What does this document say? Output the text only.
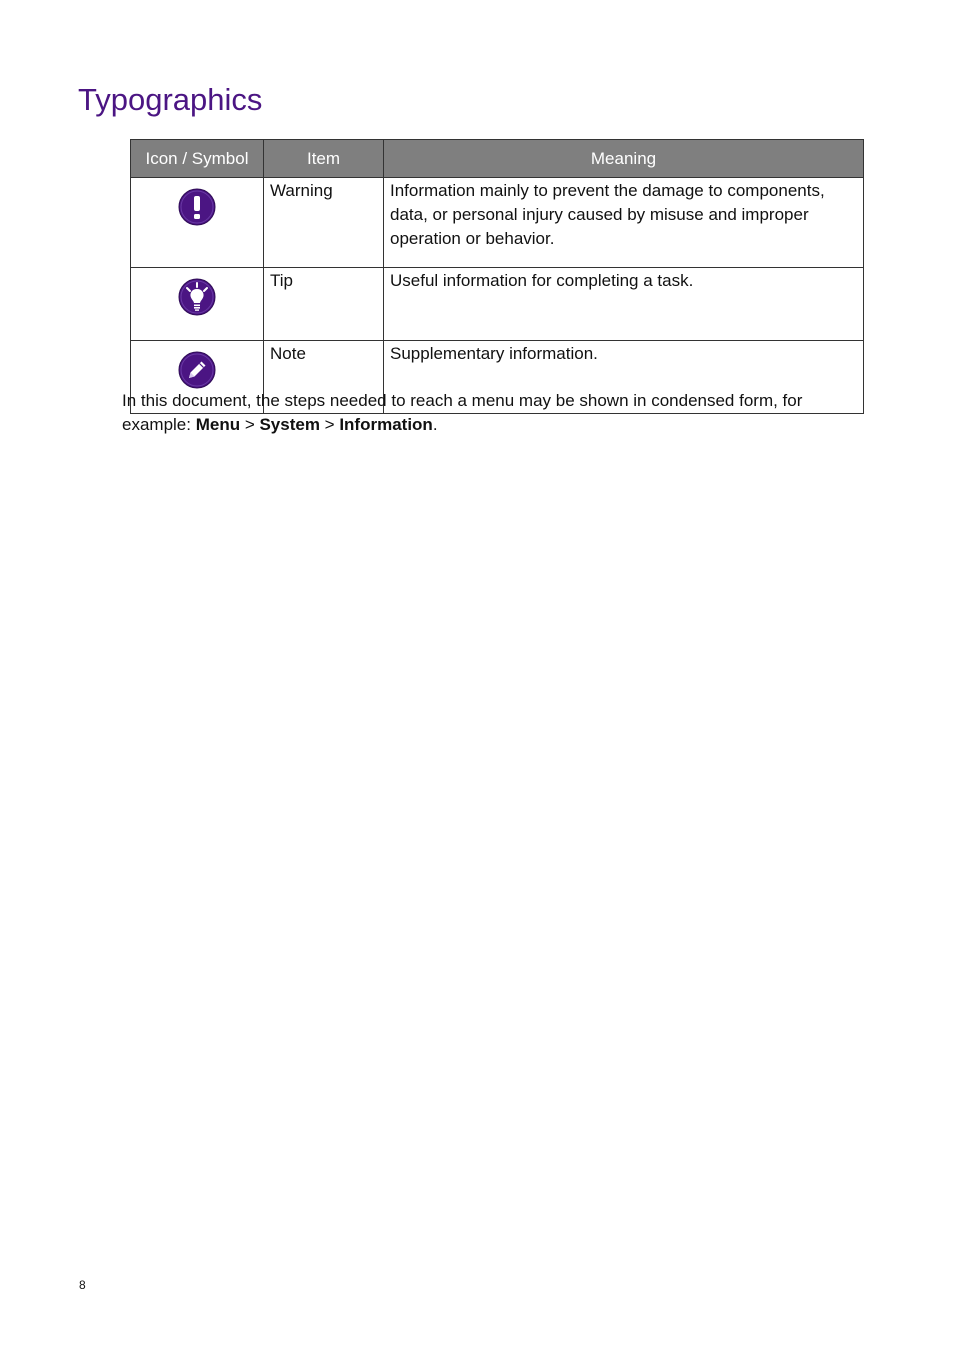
Typographics
Icon / Symbol	Item	Meaning

	Warning	Information mainly to prevent the damage to components, data, or personal injury caused by misuse and improper operation or behavior.

	Tip	Useful information for completing a task.

	Note	Supplementary information.

In this document, the steps needed to reach a menu may be shown in condensed form, for example: Menu > System > Information.

8
